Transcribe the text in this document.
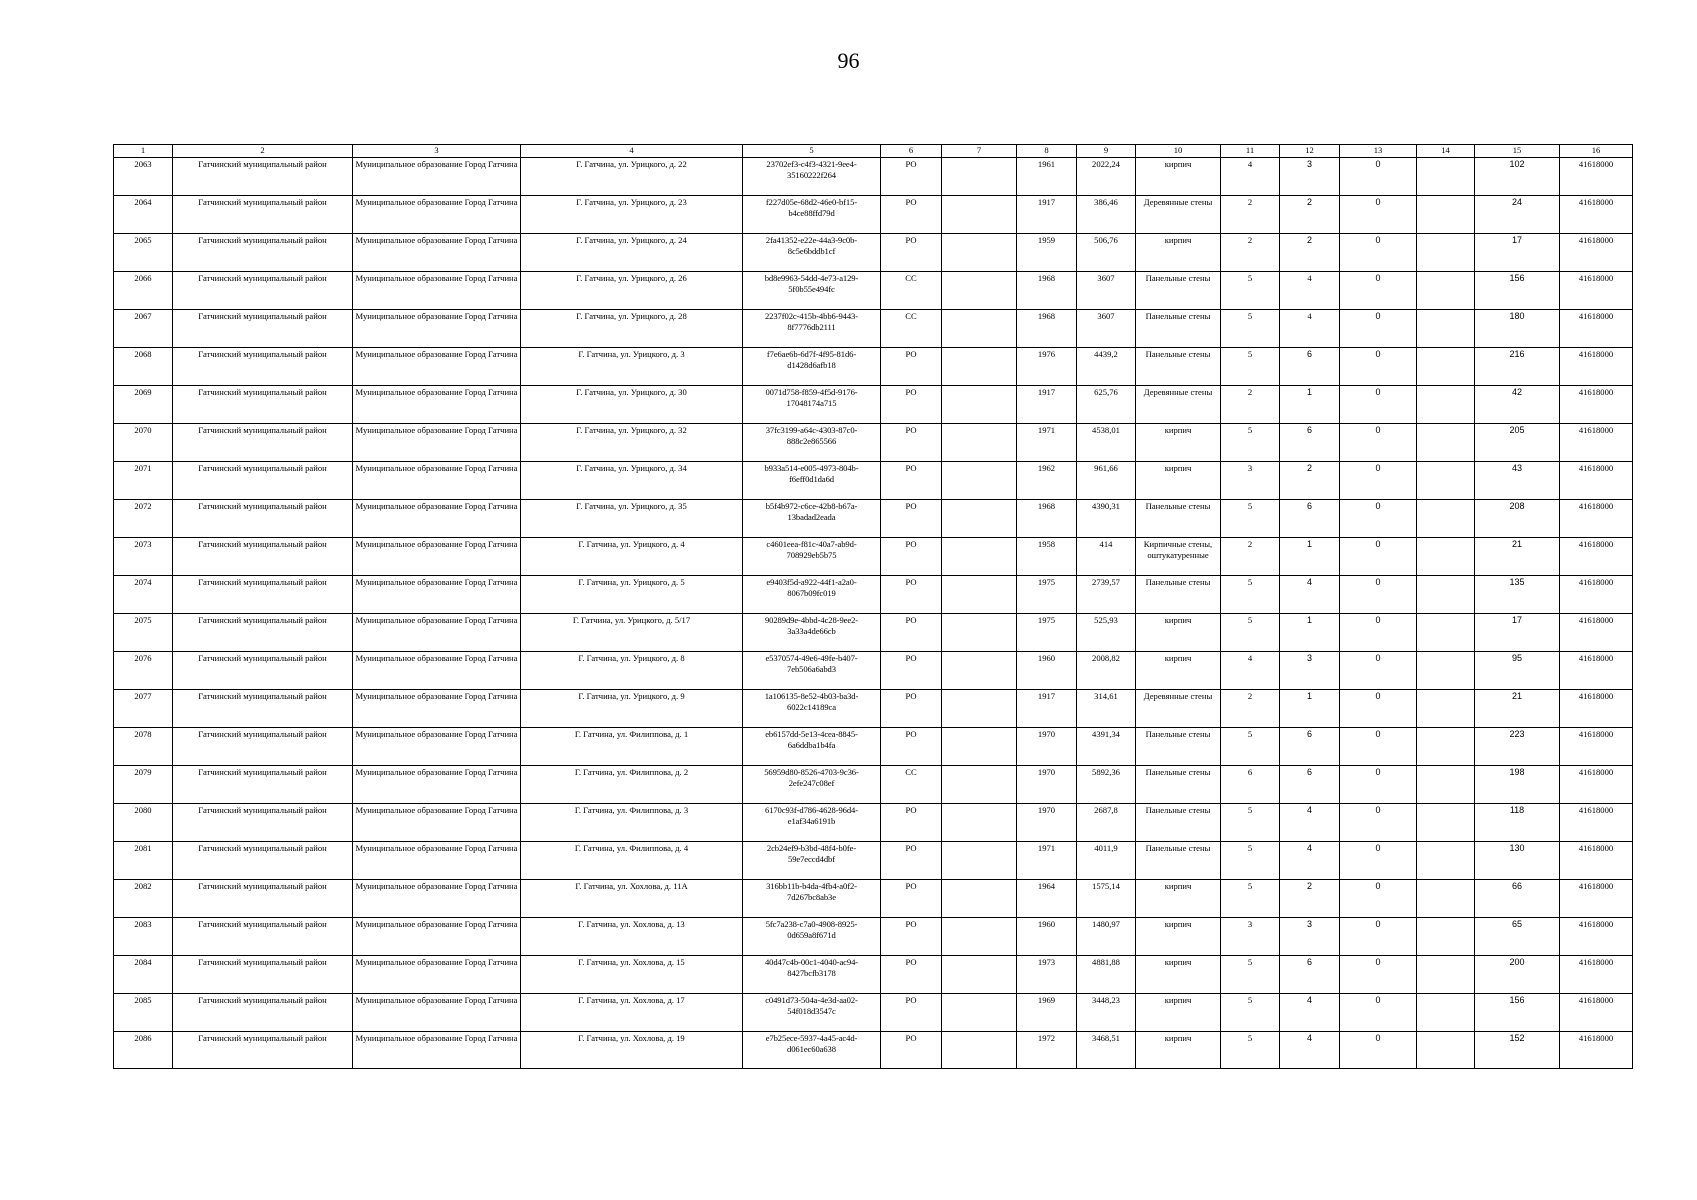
96
1	2	3	4	5	6	7	8	9	10	11	12	13	14	15	16
2063	Гатчинский муниципальный район	Муниципальное образование Город Гатчина	Г. Гатчина, ул. Урицкого, д. 22	23702ef3-c4f3-4321-9ee4-35160222f264	РО		1961	2022,24	кирпич	4	3	0		102	41618000
2064	Гатчинский муниципальный район	Муниципальное образование Город Гатчина	Г. Гатчина, ул. Урицкого, д. 23	f227d05e-68d2-46e0-bf15-b4ce88ffd79d	РО		1917	386,46	Деревянные стены	2	2	0		24	41618000
2065	Гатчинский муниципальный район	Муниципальное образование Город Гатчина	Г. Гатчина, ул. Урицкого, д. 24	2fa41352-e22e-44a3-9c0b-8c5e6bddb1cf	РО		1959	506,76	кирпич	2	2	0		17	41618000
2066	Гатчинский муниципальный район	Муниципальное образование Город Гатчина	Г. Гатчина, ул. Урицкого, д. 26	bd8e9963-54dd-4e73-a129-5f0b55e494fc	СС		1968	3607	Панельные стены	5	4	0		156	41618000
2067	Гатчинский муниципальный район	Муниципальное образование Город Гатчина	Г. Гатчина, ул. Урицкого, д. 28	2237f02c-415b-4bb6-9443-8f7776db2111	СС		1968	3607	Панельные стены	5	4	0		180	41618000
2068	Гатчинский муниципальный район	Муниципальное образование Город Гатчина	Г. Гатчина, ул. Урицкого, д. 3	f7e6ae6b-6d7f-4f95-81d6-d1428d6afb18	РО		1976	4439,2	Панельные стены	5	6	0		216	41618000
2069	Гатчинский муниципальный район	Муниципальное образование Город Гатчина	Г. Гатчина, ул. Урицкого, д. 30	0071d758-f859-4f5d-9176-17048174a715	РО		1917	625,76	Деревянные стены	2	1	0		42	41618000
2070	Гатчинский муниципальный район	Муниципальное образование Город Гатчина	Г. Гатчина, ул. Урицкого, д. 32	37fc3199-a64c-4303-87c0-888c2e865566	РО		1971	4538,01	кирпич	5	6	0		205	41618000
2071	Гатчинский муниципальный район	Муниципальное образование Город Гатчина	Г. Гатчина, ул. Урицкого, д. 34	b933a514-e005-4973-804b-f6eff0d1da6d	РО		1962	961,66	кирпич	3	2	0		43	41618000
2072	Гатчинский муниципальный район	Муниципальное образование Город Гатчина	Г. Гатчина, ул. Урицкого, д. 35	b5f4b972-c6ce-42b8-b67a-13badad2eada	РО		1968	4390,31	Панельные стены	5	6	0		208	41618000
2073	Гатчинский муниципальный район	Муниципальное образование Город Гатчина	Г. Гатчина, ул. Урицкого, д. 4	c4601eea-f81c-40a7-ab9d-708929eb5b75	РО		1958	414	Кирпичные стены, оштукатуренные	2	1	0		21	41618000
2074	Гатчинский муниципальный район	Муниципальное образование Город Гатчина	Г. Гатчина, ул. Урицкого, д. 5	e9403f5d-a922-44f1-a2a0-8067b09fc019	РО		1975	2739,57	Панельные стены	5	4	0		135	41618000
2075	Гатчинский муниципальный район	Муниципальное образование Город Гатчина	Г. Гатчина, ул. Урицкого, д. 5/17	90289d9e-4bbd-4c28-9ee2-3a33a4de66cb	РО		1975	525,93	кирпич	5	1	0		17	41618000
2076	Гатчинский муниципальный район	Муниципальное образование Город Гатчина	Г. Гатчина, ул. Урицкого, д. 8	e5370574-49e6-49fe-b407-7eb506a6abd3	РО		1960	2008,82	кирпич	4	3	0		95	41618000
2077	Гатчинский муниципальный район	Муниципальное образование Город Гатчина	Г. Гатчина, ул. Урицкого, д. 9	1a106135-8e52-4b03-ba3d-6022c14189ca	РО		1917	314,61	Деревянные стены	2	1	0		21	41618000
2078	Гатчинский муниципальный район	Муниципальное образование Город Гатчина	Г. Гатчина, ул. Филиппова, д. 1	eb6157dd-5e13-4cea-8845-6a6ddba1b4fa	РО		1970	4391,34	Панельные стены	5	6	0		223	41618000
2079	Гатчинский муниципальный район	Муниципальное образование Город Гатчина	Г. Гатчина, ул. Филиппова, д. 2	56959d80-8526-4703-9c36-2efe247c08ef	СС		1970	5892,36	Панельные стены	6	6	0		198	41618000
2080	Гатчинский муниципальный район	Муниципальное образование Город Гатчина	Г. Гатчина, ул. Филиппова, д. 3	6170c93f-d786-4628-96d4-e1af34a6191b	РО		1970	2687,8	Панельные стены	5	4	0		118	41618000
2081	Гатчинский муниципальный район	Муниципальное образование Город Гатчина	Г. Гатчина, ул. Филиппова, д. 4	2cb24ef9-b3bd-48f4-b0fe-59e7eccd4dbf	РО		1971	4011,9	Панельные стены	5	4	0		130	41618000
2082	Гатчинский муниципальный район	Муниципальное образование Город Гатчина	Г. Гатчина, ул. Хохлова, д. 11А	316bb11b-b4da-4fb4-a0f2-7d267bc8ab3e	РО		1964	1575,14	кирпич	5	2	0		66	41618000
2083	Гатчинский муниципальный район	Муниципальное образование Город Гатчина	Г. Гатчина, ул. Хохлова, д. 13	5fc7a238-c7a0-4908-8925-0d659a8f671d	РО		1960	1480,97	кирпич	3	3	0		65	41618000
2084	Гатчинский муниципальный район	Муниципальное образование Город Гатчина	Г. Гатчина, ул. Хохлова, д. 15	40d47c4b-00c1-4040-ac94-8427bcfb3178	РО		1973	4881,88	кирпич	5	6	0		200	41618000
2085	Гатчинский муниципальный район	Муниципальное образование Город Гатчина	Г. Гатчина, ул. Хохлова, д. 17	c0491d73-504a-4e3d-aa02-54f018d3547c	РО		1969	3448,23	кирпич	5	4	0		156	41618000
2086	Гатчинский муниципальный район	Муниципальное образование Город Гатчина	Г. Гатчина, ул. Хохлова, д. 19	e7b25ece-5937-4a45-ac4d-d061ec60a638	РО		1972	3468,51	кирпич	5	4	0		152	41618000
